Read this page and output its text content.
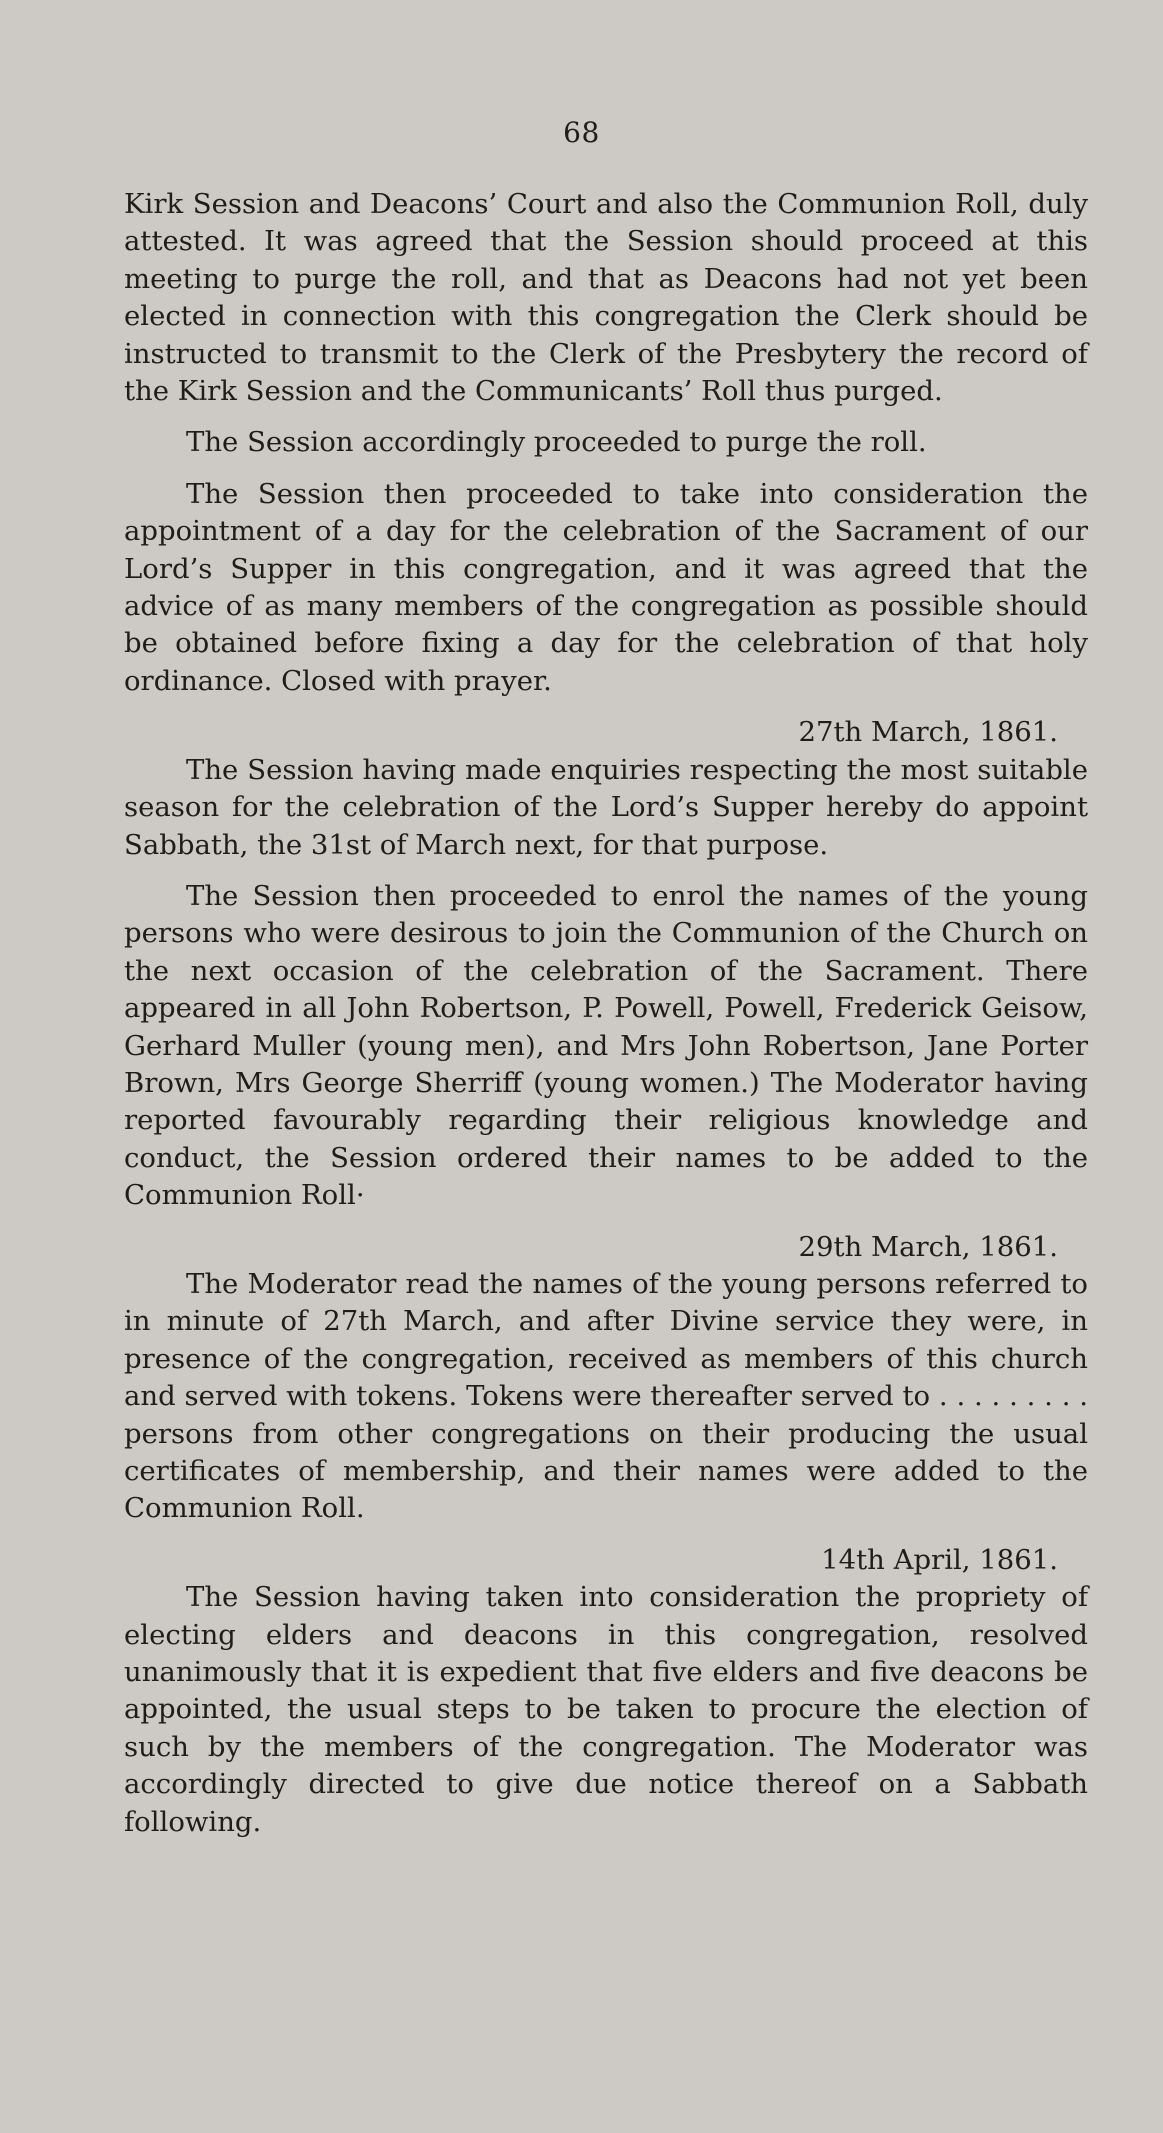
68

Kirk Session and Deacons’ Court and also the Communion Roll, duly attested. It was agreed that the Session should proceed at this meeting to purge the roll, and that as Deacons had not yet been elected in connection with this congregation the Clerk should be instructed to transmit to the Clerk of the Presbytery the record of the Kirk Session and the Communicants’ Roll thus purged.

The Session accordingly proceeded to purge the roll.

The Session then proceeded to take into consideration the appointment of a day for the celebration of the Sacrament of our Lord’s Supper in this congregation, and it was agreed that the advice of as many members of the congregation as possible should be obtained before fixing a day for the celebration of that holy ordinance. Closed with prayer.

27th March, 1861.

The Session having made enquiries respecting the most suitable season for the celebration of the Lord’s Supper hereby do appoint Sabbath, the 31st of March next, for that purpose.

The Session then proceeded to enrol the names of the young persons who were desirous to join the Communion of the Church on the next occasion of the celebration of the Sacrament. There appeared in all John Robertson, P. Powell, Powell, Frederick Geisow, Gerhard Muller (young men), and Mrs John Robertson, Jane Porter Brown, Mrs George Sherriff (young women.) The Moderator having reported favourably regarding their religious knowledge and conduct, the Session ordered their names to be added to the Communion Roll·

29th March, 1861.

The Moderator read the names of the young persons referred to in minute of 27th March, and after Divine service they were, in presence of the congregation, received as members of this church and served with tokens. Tokens were thereafter served to . . . . . . . . . persons from other congregations on their producing the usual certificates of membership, and their names were added to the Communion Roll.

14th April, 1861.

The Session having taken into consideration the propriety of electing elders and deacons in this congregation, resolved unanimously that it is expedient that five elders and five deacons be appointed, the usual steps to be taken to procure the election of such by the members of the congregation. The Moderator was accordingly directed to give due notice thereof on a Sabbath following.
